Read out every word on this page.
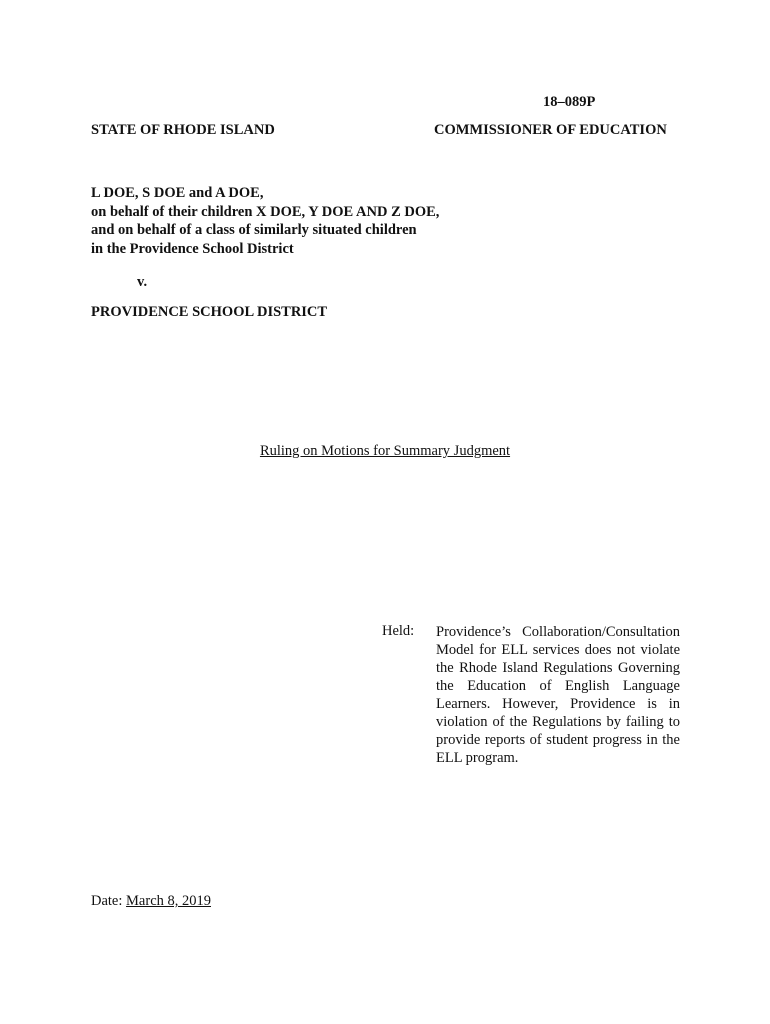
18–089P
STATE OF RHODE ISLAND	COMMISSIONER OF EDUCATION
L DOE, S DOE and A DOE,
on behalf of their children X DOE, Y DOE AND Z DOE,
and on behalf of a class of similarly situated children
in the Providence School District
v.
PROVIDENCE SCHOOL DISTRICT
Ruling on Motions for Summary Judgment
Held: Providence’s Collaboration/Consultation Model for ELL services does not violate the Rhode Island Regulations Governing the Education of English Language Learners. However, Providence is in violation of the Regulations by failing to provide reports of student progress in the ELL program.
Date: March 8, 2019
